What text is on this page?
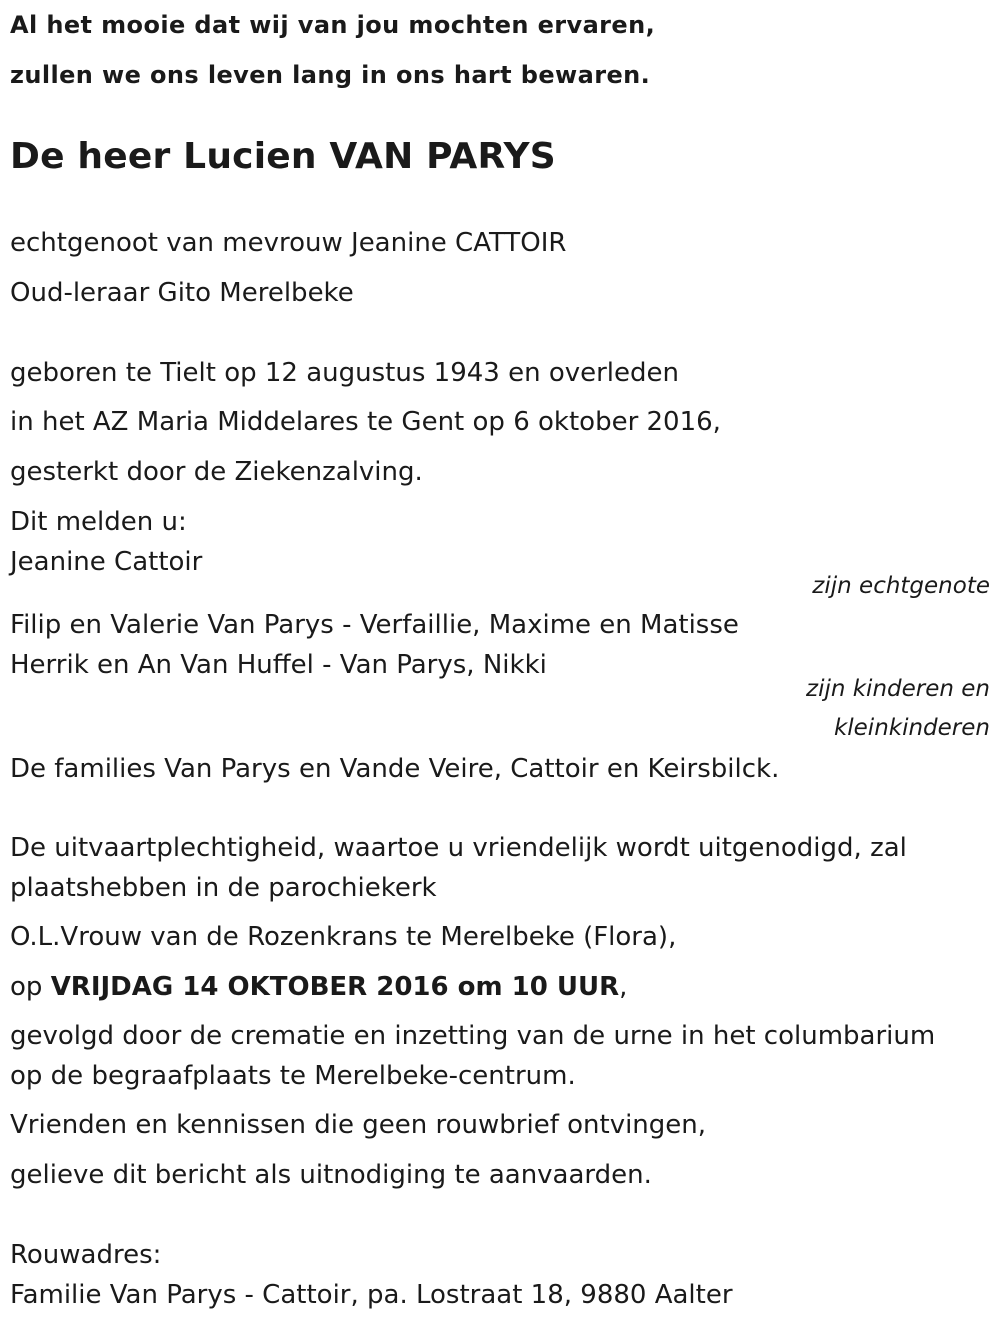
Al het mooie dat wij van jou mochten ervaren,
zullen we ons leven lang in ons hart bewaren.
De heer Lucien VAN PARYS
echtgenoot van mevrouw Jeanine CATTOIR
Oud-leraar Gito Merelbeke
geboren te Tielt op 12 augustus 1943 en overleden
in het AZ Maria Middelares te Gent op 6 oktober 2016,
gesterkt door de Ziekenzalving.
Dit melden u:
Jeanine Cattoir
zijn echtgenote
Filip en Valerie Van Parys - Verfaillie, Maxime en Matisse
Herrik en An Van Huffel - Van Parys, Nikki
zijn kinderen en
kleinkinderen
De families Van Parys en Vande Veire, Cattoir en Keirsbilck.
De uitvaartplechtigheid, waartoe u vriendelijk wordt uitgenodigd, zal
plaatshebben in de parochiekerk
O.L.Vrouw van de Rozenkrans te Merelbeke (Flora),
op VRIJDAG 14 OKTOBER 2016 om 10 UUR,
gevolgd door de crematie en inzetting van de urne in het columbarium
op de begraafplaats te Merelbeke-centrum.
Vrienden en kennissen die geen rouwbrief ontvingen,
gelieve dit bericht als uitnodiging te aanvaarden.
Rouwadres:
Familie Van Parys - Cattoir, pa. Lostraat 18, 9880 Aalter
